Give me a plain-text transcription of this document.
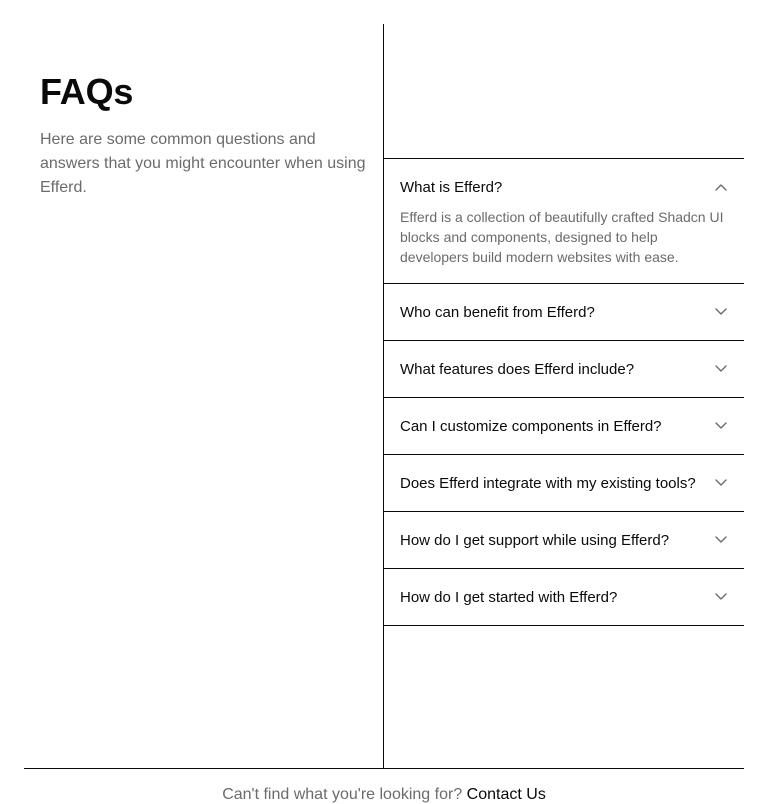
FAQs

Here are some common questions and answers that you might encounter when using Efferd.	What is Efferd?
Efferd is a collection of beautifully crafted Shadcn UI blocks and components, designed to help developers build modern websites with ease.
Who can benefit from Efferd?
What features does Efferd include?
Can I customize components in Efferd?
Does Efferd integrate with my existing tools?
How do I get support while using Efferd?
How do I get started with Efferd?
Can't find what you're looking for? Contact Us
